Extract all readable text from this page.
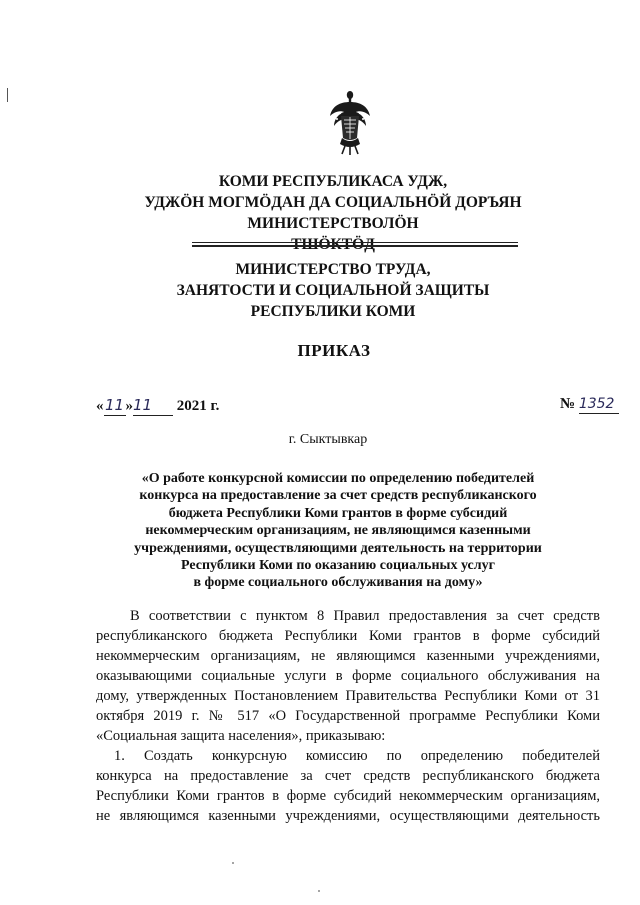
КОМИ РЕСПУБЛИКАСА УДЖ,
УДЖÖН МОГМÖДАН ДА СОЦИАЛЬНÖЙ ДОРЪЯН
МИНИСТЕРСТВОЛÖН
ТШÖКТÖД
МИНИСТЕРСТВО ТРУДА,
ЗАНЯТОСТИ И СОЦИАЛЬНОЙ ЗАЩИТЫ
РЕСПУБЛИКИ КОМИ
ПРИКАЗ
«11»11 2021 г.	№ 1352
г. Сыктывкар
«О работе конкурсной комиссии по определению победителей
конкурса на предоставление за счет средств республиканского
бюджета Республики Коми грантов в форме субсидий
некоммерческим организациям, не являющимся казенными
учреждениями, осуществляющими деятельность на территории
Республики Коми по оказанию социальных услуг
в форме социального обслуживания на дому»
В соответствии с пунктом 8 Правил предоставления за счет средств
республиканского бюджета Республики Коми грантов в форме субсидий
некоммерческим организациям, не являющимся казенными учреждениями,
оказывающими социальные услуги в форме социального обслуживания на
дому, утвержденных Постановлением Правительства Республики Коми от 31
октября 2019 г. № 517 «О Государственной программе Республики Коми
«Социальная защита населения», приказываю:
1. Создать конкурсную комиссию по определению победителей
конкурса на предоставление за счет средств республиканского бюджета
Республики Коми грантов в форме субсидий некоммерческим организациям,
не являющимся казенными учреждениями, осуществляющими деятельность
